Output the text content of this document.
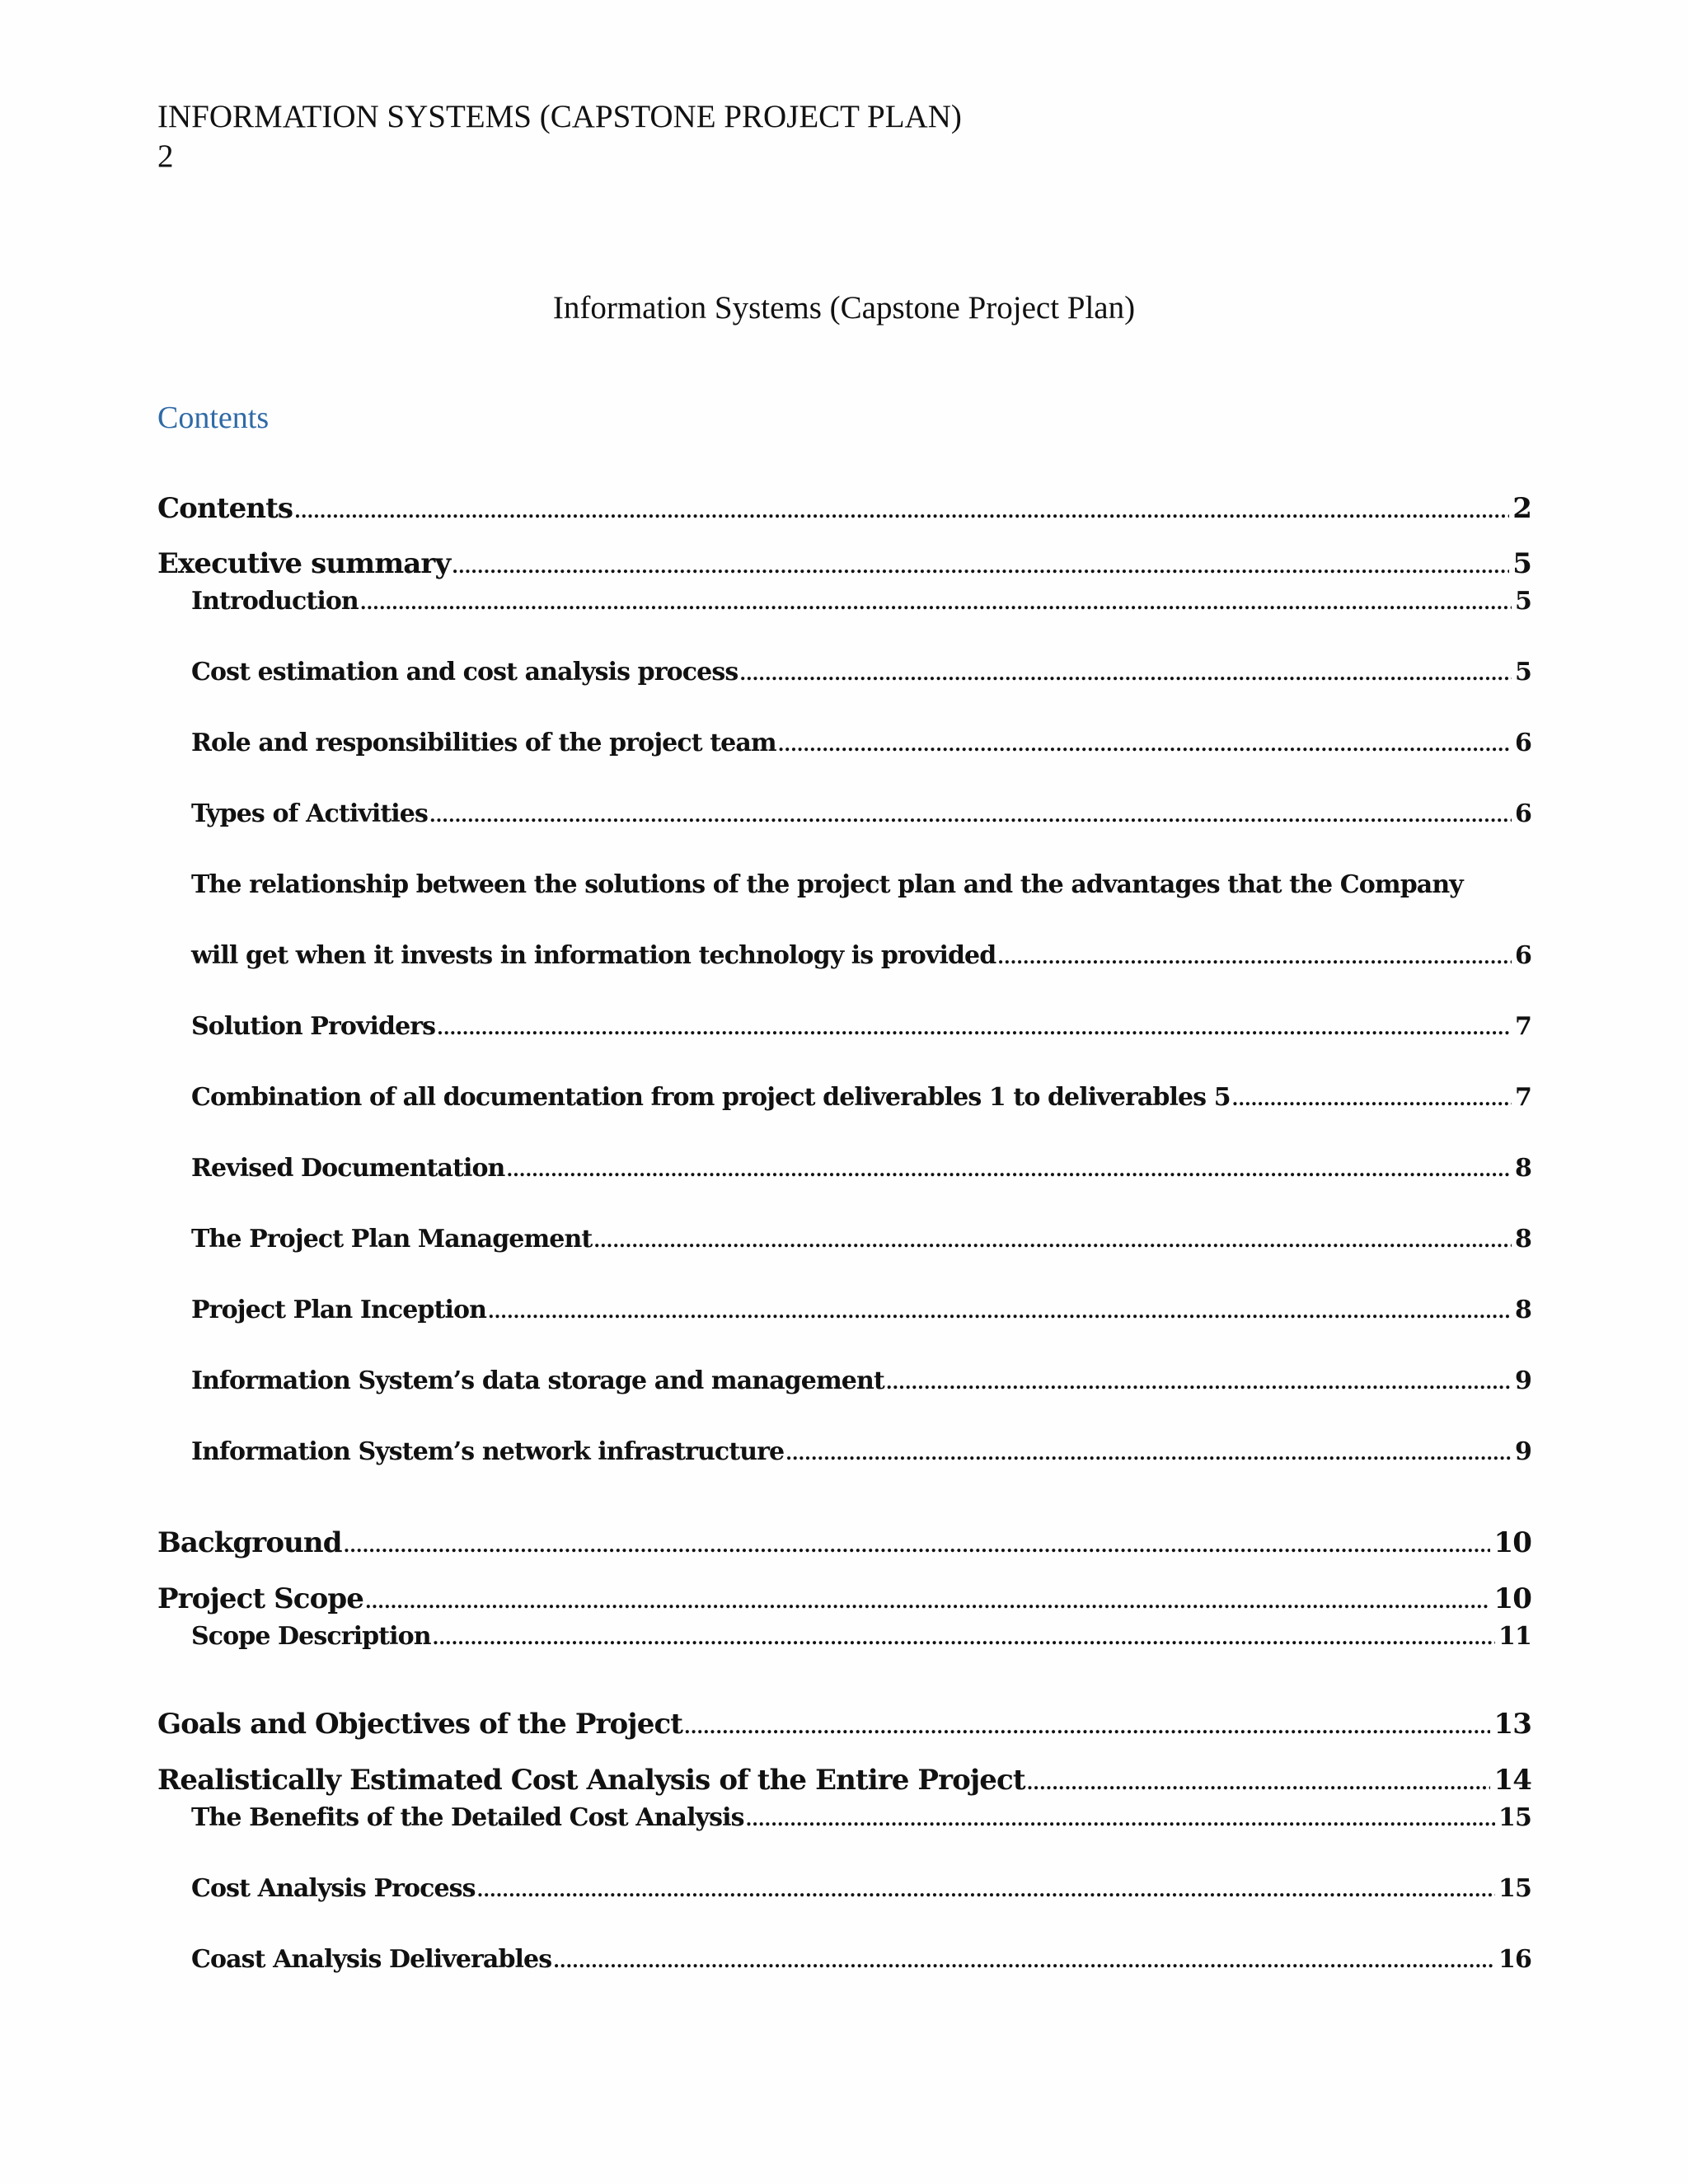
INFORMATION SYSTEMS (CAPSTONE PROJECT PLAN)
2
Information Systems (Capstone Project Plan)
Contents
Contents .....	2
Executive summary .....	5
Introduction .....	5
Cost estimation and cost analysis process .....	5
Role and responsibilities of the project team .....	6
Types of Activities .....	6
The relationship between the solutions of the project plan and the advantages that the Company
will get when it invests in information technology is provided .....	6
Solution Providers .....	7
Combination of all documentation from project deliverables 1 to deliverables 5 .....	7
Revised Documentation .....	8
The Project Plan Management .....	8
Project Plan Inception .....	8
Information System’s data storage and management .....	9
Information System’s network infrastructure .....	9
Background .....	10
Project Scope .....	10
Scope Description .....	11
Goals and Objectives of the Project .....	13
Realistically Estimated Cost Analysis of the Entire Project .....	14
The Benefits of the Detailed Cost Analysis .....	15
Cost Analysis Process .....	15
Coast Analysis Deliverables .....	16
